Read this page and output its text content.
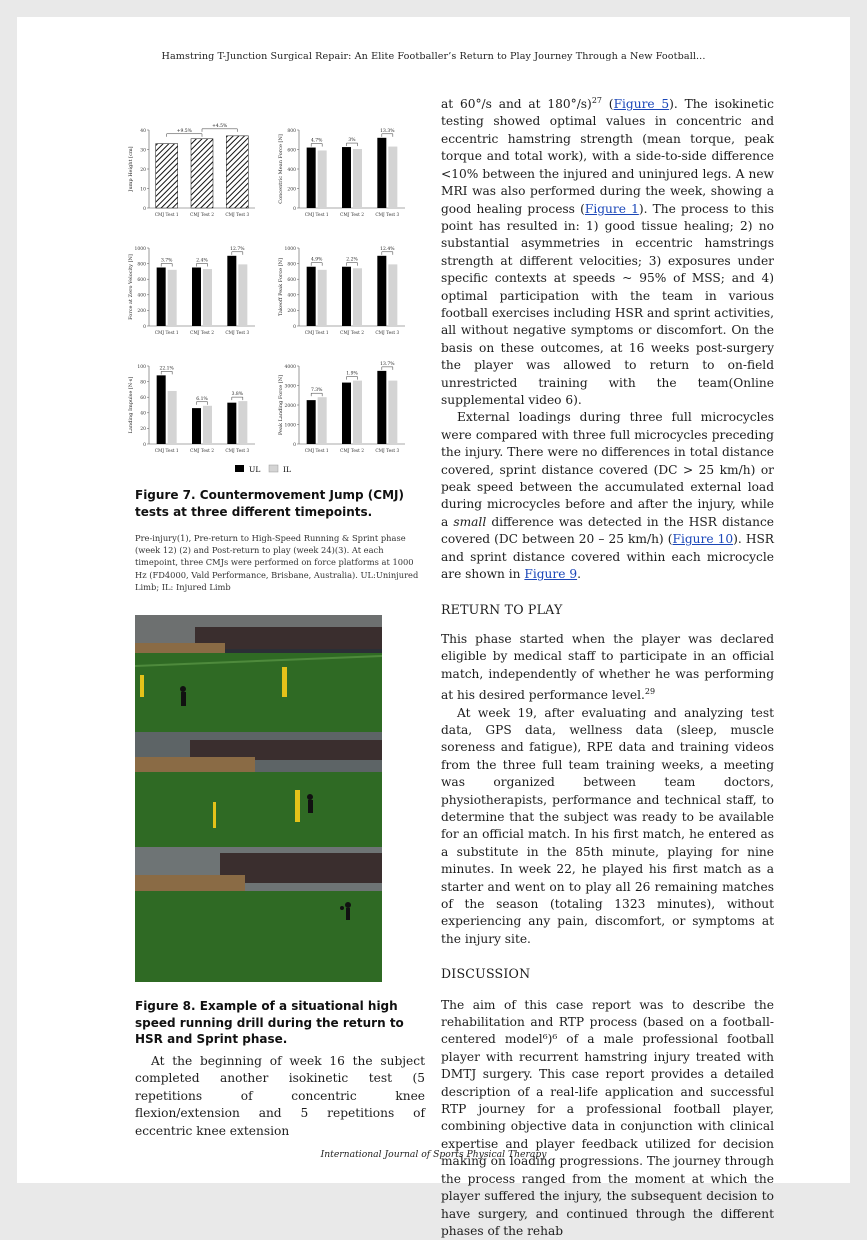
Hamstring T-Junction Surgical Repair: An Elite Footballer’s Return to Play Journey Through a New Football...
UL	IL
0
10
20
30
40
Jump Height [cm]
CMJ Test 1	CMJ Test 2	CMJ Test 3
+9.5%
+4.5%
0
200
400
600
800
Concentric Mean Force [N]
CMJ Test 1	CMJ Test 2	CMJ Test 3
4.7%	3%
13.3%
0
200
400
600
800
1000
Force at Zero Velocity [N]
CMJ Test 1	CMJ Test 2	CMJ Test 3
3.7%	2.4%
12.7%
0
200
400
600
800
1000
Takeoff Peak Force [N]
CMJ Test 1	CMJ Test 2	CMJ Test 3
4.9%	2.2%
12.4%
0
20
40
60
80
100
Landing Impulse [N·s]
CMJ Test 1	CMJ Test 2	CMJ Test 3
22.1%
6.1%
3.8%
0
1000
2000
3000
4000
Peak Landing Force [N]
CMJ Test 1	CMJ Test 2	CMJ Test 3
7.3%
1.9%
13.7%
Figure 7. Countermovement Jump (CMJ) tests at three different timepoints.
Pre-injury(1), Pre-return to High-Speed Running & Sprint phase (week 12) (2) and Post-return to play (week 24)(3). At each timepoint, three CMJs were performed on force platforms at 1000 Hz (FD4000, Vald Performance, Brisbane, Australia). UL:Uninjured Limb; IL: Injured Limb
Figure 8. Example of a situational high speed running drill during the return to HSR and Sprint phase.

At the beginning of week 16 the subject completed another isokinetic test (5 repetitions of concentric knee flexion/extension and 5 repetitions of eccentric knee extension

at 60°/s and at 180°/s)$^{27}$ (Figure 5). The isokinetic testing showed optimal values in concentric and eccentric hamstring strength (mean torque, peak torque and total work), with a side-to-side difference <10% between the injured and uninjured legs. A new MRI was also performed during the week, showing a good healing process (Figure 1). The process to this point has resulted in: 1) good tissue healing; 2) no substantial asymmetries in eccentric hamstrings strength at different velocities; 3) exposures under specific contexts at speeds ~ 95% of MSS; and 4) optimal participation with the team in various football exercises including HSR and sprint activities, all without negative symptoms or discomfort. On the basis on these outcomes, at 16 weeks post-surgery the player was allowed to return to on-field unrestricted training with the team(Online supplemental video 6).

External loadings during three full microcycles were compared with three full microcycles preceding the injury. There were no differences in total distance covered, sprint distance covered (DC > 25 km/h) or peak speed between the accumulated external load during microcycles before and after the injury, while a small difference was detected in the HSR distance covered (DC between 20 – 25 km/h) (Figure 10). HSR and sprint distance covered within each microcycle are shown in Figure 9.

RETURN TO PLAY

This phase started when the player was declared eligible by medical staff to participate in an official match, independently of whether he was performing at his desired performance level.$^{29}$

At week 19, after evaluating and analyzing test data, GPS data, wellness data (sleep, muscle soreness and fatigue), RPE data and training videos from the three full team training weeks, a meeting was organized between team doctors, physiotherapists, performance and technical staff, to determine that the subject was ready to be available for an official match. In his first match, he entered as a substitute in the 85th minute, playing for nine minutes. In week 22, he played his first match as a starter and went on to play all 26 remaining matches of the season (totaling 1323 minutes), without experiencing any pain, discomfort, or symptoms at the injury site.

DISCUSSION

The aim of this case report was to describe the rehabilitation and RTP process (based on a football-centered model⁶)⁶ of a male professional football player with recurrent hamstring injury treated with DMTJ surgery. This case report provides a detailed description of a real-life application and successful RTP journey for a professional football player, combining objective data in conjunction with clinical expertise and player feedback utilized for decision making on loading progressions. The journey through the process ranged from the moment at which the player suffered the injury, the subsequent decision to have surgery, and continued through the different phases of the rehab

International Journal of Sports Physical Therapy
